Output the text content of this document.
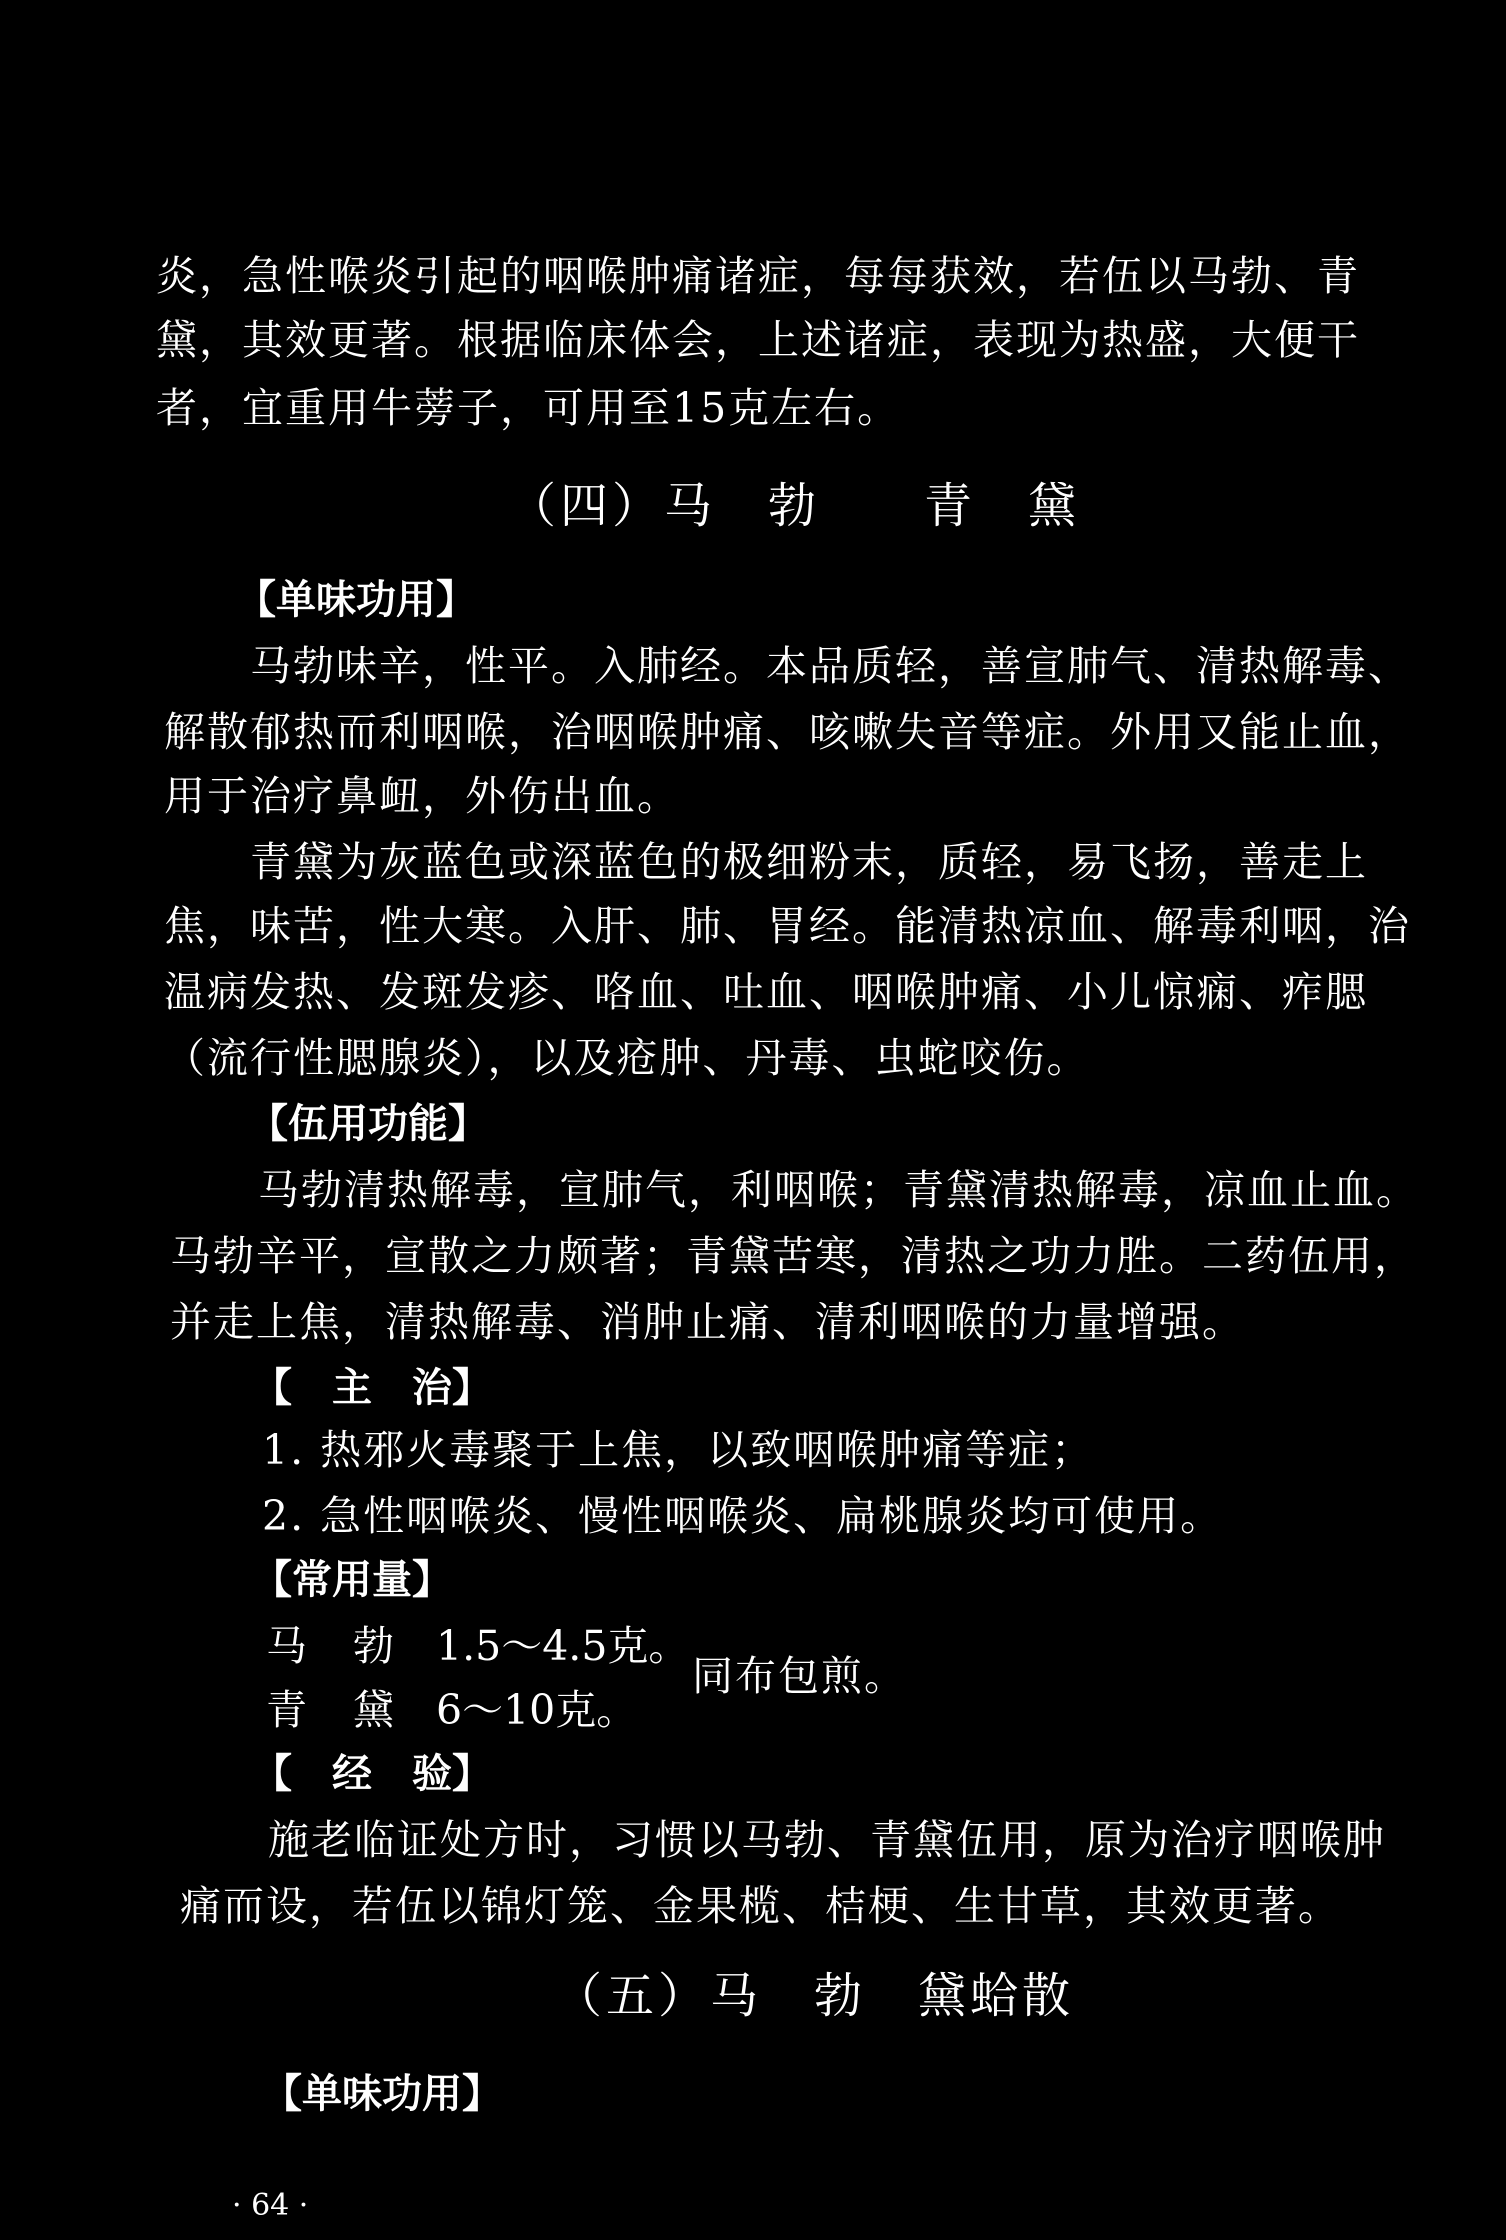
炎，急性喉炎引起的咽喉肿痛诸症，每每获效，若伍以马勃、青
黛，其效更著。根据临床体会，上述诸症，表现为热盛，大便干
者，宜重用牛蒡子，可用至15克左右。
（四）马　勃　　青　黛
【单味功用】
马勃味辛，性平。入肺经。本品质轻，善宣肺气、清热解毒、
解散郁热而利咽喉，治咽喉肿痛、咳嗽失音等症。外用又能止血，
用于治疗鼻衄，外伤出血。
青黛为灰蓝色或深蓝色的极细粉末，质轻，易飞扬，善走上
焦，味苦，性大寒。入肝、肺、胃经。能清热凉血、解毒利咽，治
温病发热、发斑发疹、咯血、吐血、咽喉肿痛、小儿惊痫、痄腮
（流行性腮腺炎），以及疮肿、丹毒、虫蛇咬伤。
【伍用功能】
马勃清热解毒，宣肺气，利咽喉；青黛清热解毒，凉血止血。
马勃辛平，宣散之力颇著；青黛苦寒，清热之功力胜。二药伍用，
并走上焦，清热解毒、消肿止痛、清利咽喉的力量增强。
【主治】
1. 热邪火毒聚于上焦，以致咽喉肿痛等症；
2. 急性咽喉炎、慢性咽喉炎、扁桃腺炎均可使用。
【常用量】
马勃1.5～4.5克。
青黛6～10克。
同布包煎。
【经验】
施老临证处方时，习惯以马勃、青黛伍用，原为治疗咽喉肿
痛而设，若伍以锦灯笼、金果榄、桔梗、生甘草，其效更著。
（五）马　勃　黛蛤散
【单味功用】
· 64 ·
